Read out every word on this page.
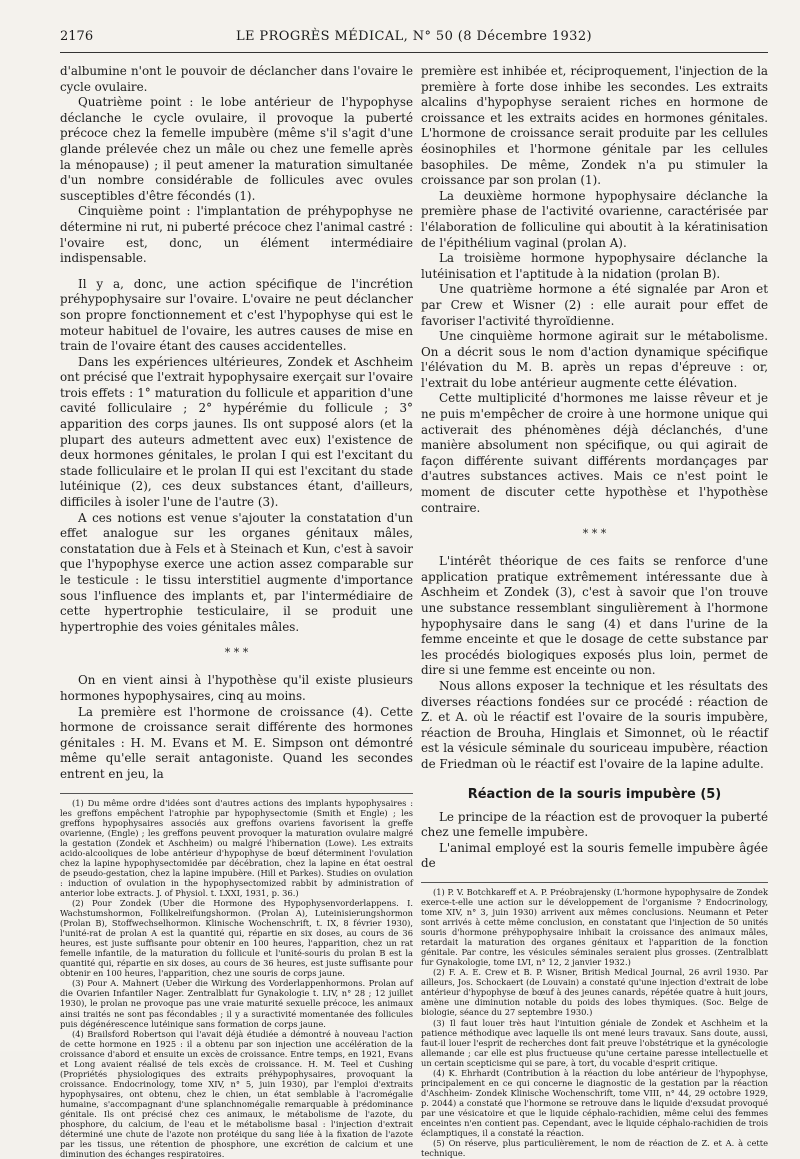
2176	LE PROGRÈS MÉDICAL, N° 50 (8 Décembre 1932)

d'albumine n'ont le pouvoir de déclancher dans l'ovaire le cycle ovulaire.

Quatrième point : le lobe antérieur de l'hypophyse déclanche le cycle ovulaire, il provoque la puberté précoce chez la femelle impubère (même s'il s'agit d'une glande prélevée chez un mâle ou chez une femelle après la ménopause) ; il peut amener la maturation simultanée d'un nombre considérable de follicules avec ovules susceptibles d'être fécondés (1).

Cinquième point : l'implantation de préhypophyse ne détermine ni rut, ni puberté précoce chez l'animal castré : l'ovaire est, donc, un élément intermédiaire indispensable.

Il y a, donc, une action spécifique de l'incrétion préhypophysaire sur l'ovaire. L'ovaire ne peut déclancher son propre fonctionnement et c'est l'hypophyse qui est le moteur habituel de l'ovaire, les autres causes de mise en train de l'ovaire étant des causes accidentelles.

Dans les expériences ultérieures, Zondek et Aschheim ont précisé que l'extrait hypophysaire exerçait sur l'ovaire trois effets : 1° maturation du follicule et apparition d'une cavité folliculaire ; 2° hypérémie du follicule ; 3° apparition des corps jaunes. Ils ont supposé alors (et la plupart des auteurs admettent avec eux) l'existence de deux hormones génitales, le prolan I qui est l'excitant du stade folliculaire et le prolan II qui est l'excitant du stade lutéinique (2), ces deux substances étant, d'ailleurs, difficiles à isoler l'une de l'autre (3).

A ces notions est venue s'ajouter la constatation d'un effet analogue sur les organes génitaux mâles, constatation due à Fels et à Steinach et Kun, c'est à savoir que l'hypophyse exerce une action assez comparable sur le testicule : le tissu interstitiel augmente d'importance sous l'influence des implants et, par l'intermédiaire de cette hypertrophie testiculaire, il se produit une hypertrophie des voies génitales mâles.

* * *

On en vient ainsi à l'hypothèse qu'il existe plusieurs hormones hypophysaires, cinq au moins.

La première est l'hormone de croissance (4). Cette hormone de croissance serait différente des hormones génitales : H. M. Evans et M. E. Simpson ont démontré même qu'elle serait antagoniste. Quand les secondes entrent en jeu, la

(1) Du même ordre d'idées sont d'autres actions des implants hypophysaires : les greffons empêchent l'atrophie par hypophysectomie (Smith et Engle) ; les greffons hypophysaires associés aux greffons ovariens favorisent la greffe ovarienne, (Engle) ; les greffons peuvent provoquer la maturation ovulaire malgré la gestation (Zondek et Aschheim) ou malgré l'hibernation (Lowe). Les extraits acido-alcooliques de lobe antérieur d'hypophyse de bœuf déterminent l'ovulation chez la lapine hypophysectomidée par décébration, chez la lapine en état oestral de pseudo-gestation, chez la lapine impubère. (Hill et Parkes). Studies on ovulation : induction of ovulation in the hypophysectomized rabbit by administration of anterior lobe extracts. J. of Physiol. t. LXXI, 1931, p. 36.)

(2) Pour Zondek (Uber die Hormone des Hypophysenvorderlappens. I. Wachstumshormon, Follikelreifungshormon. (Prolan A), Luteinisierungshormon (Prolan B), Stoffwechselhormon. Klinische Wochenschrift, t. IX, 8 février 1930), l'unité-rat de prolan A est la quantité qui, répartie en six doses, au cours de 36 heures, est juste suffisante pour obtenir en 100 heures, l'apparition, chez un rat femelle infantile, de la maturation du follicule et l'unité-souris du prolan B est la quantité qui, répartie en six doses, au cours de 36 heures, est juste suffisante pour obtenir en 100 heures, l'apparition, chez une souris de corps jaune.

(3) Pour A. Mahnert (Ueber die Wirkung des Vorderlappenhormons. Prolan auf die Ovarien Infantiler Nager. Zentralblatt fur Gynakologie t. LIV, n° 28 ; 12 juillet 1930), le prolan ne provoque pas une vraie maturité sexuelle précoce, les animaux ainsi traités ne sont pas fécondables ; il y a suractivité momentanée des follicules puis dégénérescence lutéinique sans formation de corps jaune.

(4) Brailsford Robertson qui l'avait déjà étudiée a démontré à nouveau l'action de cette hormone en 1925 : il a obtenu par son injection une accélération de la croissance d'abord et ensuite un excès de croissance. Entre temps, en 1921, Evans et Long avaient réalisé de tels excès de croissance. H. M. Teel et Cushing (Propriétés physiologiques des extraits préhypophysaires, provoquant la croissance. Endocrinology, tome XIV, n° 5, juin 1930), par l'emploi d'extraits hypophysaires, ont obtenu, chez le chien, un état semblable à l'acromégalie humaine, s'accompagnant d'une splanchnomégalie remarquable à prédominance génitale. Ils ont précisé chez ces animaux, le métabolisme de l'azote, du phosphore, du calcium, de l'eau et le métabolisme basal : l'injection d'extrait déterminé une chute de l'azote non protéique du sang liée à la fixation de l'azote par les tissus, une rétention de phosphore, une excrétion de calcium et une diminution des échanges respiratoires.

première est inhibée et, réciproquement, l'injection de la première à forte dose inhibe les secondes. Les extraits alcalins d'hypophyse seraient riches en hormone de croissance et les extraits acides en hormones génitales. L'hormone de croissance serait produite par les cellules éosinophiles et l'hormone génitale par les cellules basophiles. De même, Zondek n'a pu stimuler la croissance par son prolan (1).

La deuxième hormone hypophysaire déclanche la première phase de l'activité ovarienne, caractérisée par l'élaboration de folliculine qui aboutit à la kératinisation de l'épithélium vaginal (prolan A).

La troisième hormone hypophysaire déclanche la lutéinisation et l'aptitude à la nidation (prolan B).

Une quatrième hormone a été signalée par Aron et par Crew et Wisner (2) : elle aurait pour effet de favoriser l'activité thyroïdienne.

Une cinquième hormone agirait sur le métabolisme. On a décrit sous le nom d'action dynamique spécifique l'élévation du M. B. après un repas d'épreuve : or, l'extrait du lobe antérieur augmente cette élévation.

Cette multiplicité d'hormones me laisse rêveur et je ne puis m'empêcher de croire à une hormone unique qui activerait des phénomènes déjà déclanchés, d'une manière absolument non spécifique, ou qui agirait de façon différente suivant différents mordançages par d'autres substances actives. Mais ce n'est point le moment de discuter cette hypothèse et l'hypothèse contraire.

* * *

L'intérêt théorique de ces faits se renforce d'une application pratique extrêmement intéressante due à Aschheim et Zondek (3), c'est à savoir que l'on trouve une substance ressemblant singulièrement à l'hormone hypophysaire dans le sang (4) et dans l'urine de la femme enceinte et que le dosage de cette substance par les procédés biologiques exposés plus loin, permet de dire si une femme est enceinte ou non.

Nous allons exposer la technique et les résultats des diverses réactions fondées sur ce procédé : réaction de Z. et A. où le réactif est l'ovaire de la souris impubère, réaction de Brouha, Hinglais et Simonnet, où le réactif est la vésicule séminale du souriceau impubère, réaction de Friedman où le réactif est l'ovaire de la lapine adulte.

Réaction de la souris impubère (5)

Le principe de la réaction est de provoquer la puberté chez une femelle impubère.

L'animal employé est la souris femelle impubère âgée de

(1) P. V. Botchkareff et A. P. Préobrajensky (L'hormone hypophysaire de Zondek exerce-t-elle une action sur le développement de l'organisme ? Endocrinology, tome XIV, n° 3, juin 1930) arrivent aux mêmes conclusions. Neumann et Peter sont arrivés à cette même conclusion, en constatant que l'injection de 50 unités souris d'hormone préhypophysaire inhibait la croissance des animaux mâles, retardait la maturation des organes génitaux et l'apparition de la fonction génitale. Par contre, les vésicules séminales seraient plus grosses. (Zentralblatt fur Gynakologie, tome LVI, n° 12, 2 janvier 1932.)

(2) F. A. E. Crew et B. P. Wisner, British Medical Journal, 26 avril 1930. Par ailleurs, Jos. Schockaert (de Louvain) a constaté qu'une injection d'extrait de lobe antérieur d'hypophyse de bœuf à des jeunes canards, répétée quatre à huit jours, amène une diminution notable du poids des lobes thymiques. (Soc. Belge de biologie, séance du 27 septembre 1930.)

(3) Il faut louer très haut l'intuition géniale de Zondek et Aschheim et la patience méthodique avec laquelle ils ont mené leurs travaux. Sans doute, aussi, faut-il louer l'esprit de recherches dont fait preuve l'obstétrique et la gynécologie allemande ; car elle est plus fructueuse qu'une certaine paresse intellectuelle et un certain scepticisme qui se pare, à tort, du vocable d'esprit critique.

(4) K. Ehrhardt (Contribution à la réaction du lobe antérieur de l'hypophyse, principalement en ce qui concerne le diagnostic de la gestation par la réaction d'Aschheim- Zondek Klinische Wochenschrift, tome VIII, n° 44, 29 octobre 1929, p. 2044) a constaté que l'hormone se retrouve dans le liquide d'exsudat provoqué par une vésicatoire et que le liquide céphalo-rachidien, même celui des femmes enceintes n'en contient pas. Cependant, avec le liquide céphalo-rachidien de trois éclamptiques, il a constaté la réaction.

(5) On réserve, plus particulièrement, le nom de réaction de Z. et A. à cette technique.
